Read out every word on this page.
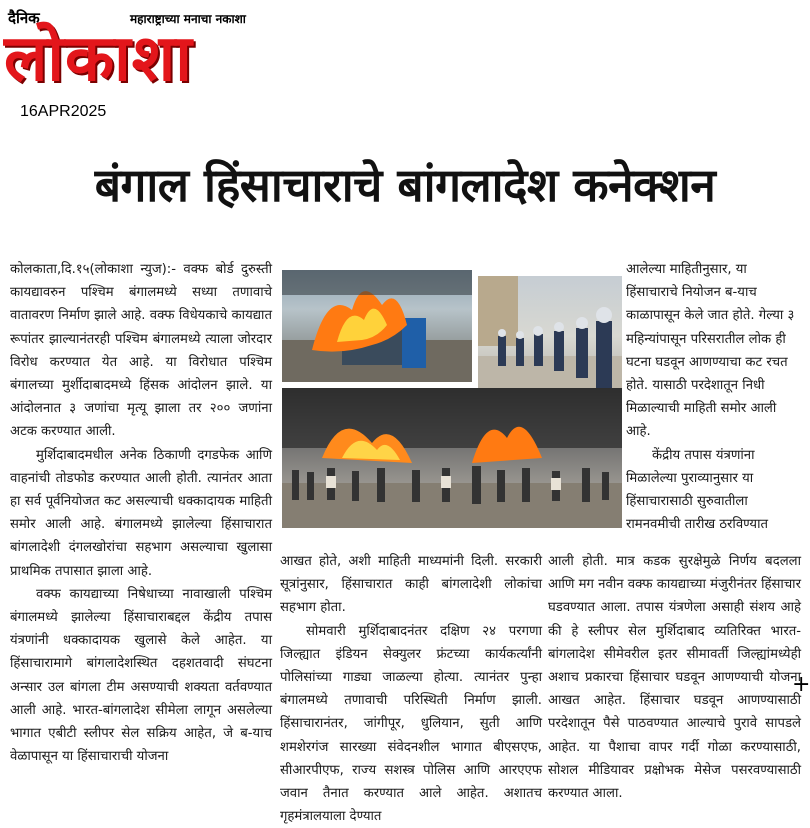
दैनिक	महाराष्ट्राच्या मनाचा नकाशा
लोकाशा
16APR2025
बंगाल हिंसाचाराचे बांगलादेश कनेक्शन

कोलकाता,दि.१५(लोकाशा न्युज):- वक्फ बोर्ड दुरुस्ती कायद्यावरुन पश्चिम बंगालमध्ये सध्या तणावाचे वातावरण निर्माण झाले आहे. वक्फ विधेयकाचे कायद्यात रूपांतर झाल्यानंतरही पश्चिम बंगालमध्ये त्याला जोरदार विरोध करण्यात येत आहे. या विरोधात पश्चिम बंगालच्या मुर्शीदाबादमध्ये हिंसक आंदोलन झाले. या आंदोलनात ३ जणांचा मृत्यू झाला तर २०० जणांना अटक करण्यात आली.

मुर्शिदाबादमधील अनेक ठिकाणी दगडफेक आणि वाहनांची तोडफोड करण्यात आली होती. त्यानंतर आता हा सर्व पूर्वनियोजत कट असल्याची धक्कादायक माहिती समोर आली आहे. बंगालमध्ये झालेल्या हिंसाचारात बांगलादेशी दंगलखोरांचा सहभाग असल्याचा खुलासा प्राथमिक तपासात झाला आहे.

वक्फ कायद्याच्या निषेधाच्या नावाखाली पश्चिम बंगालमध्ये झालेल्या हिंसाचाराबद्दल केंद्रीय तपास यंत्रणांनी धक्कादायक खुलासे केले आहेत. या हिंसाचारामागे बांगलादेशस्थित दहशतवादी संघटना अन्सार उल बांगला टीम असण्याची शक्यता वर्तवण्यात आली आहे. भारत-बांगलादेश सीमेला लागून असलेल्या भागात एबीटी स्लीपर सेल सक्रिय आहेत, जे ब-याच वेळापासून या हिंसाचाराची योजना

आलेल्या माहितीनुसार, या हिंसाचाराचे नियोजन ब-याच काळापासून केले जात होते. गेल्या ३ महिन्यांपासून परिसरातील लोक ही घटना घडवून आणण्याचा कट रचत होते. यासाठी परदेशातून निधी मिळाल्याची माहिती समोर आली आहे.

केंद्रीय तपास यंत्रणांना मिळालेल्या पुराव्यानुसार या हिंसाचारासाठी सुरुवातीला रामनवमीची तारीख ठरविण्यात

आखत होते, अशी माहिती माध्यमांनी दिली. सरकारी सूत्रांनुसार, हिंसाचारात काही बांगलादेशी लोकांचा सहभाग होता.

सोमवारी मुर्शिदाबादनंतर दक्षिण २४ परगणा जिल्ह्यात इंडियन सेक्युलर फ्रंटच्या कार्यकर्त्यांनी पोलिसांच्या गाड्या जाळल्या होत्या. त्यानंतर पुन्हा बंगालमध्ये तणावाची परिस्थिती निर्माण झाली. हिंसाचारानंतर, जांगीपूर, धुलियान, सुती आणि शमशेरगंज सारख्या संवेदनशील भागात बीएसएफ, सीआरपीएफ, राज्य सशस्त्र पोलिस आणि आरएएफ जवान तैनात करण्यात आले आहेत. अशातच गृहमंत्रालयाला देण्यात

आली होती. मात्र कडक सुरक्षेमुळे निर्णय बदलला आणि मग नवीन वक्फ कायद्याच्या मंजुरीनंतर हिंसाचार घडवण्यात आला. तपास यंत्रणेला असाही संशय आहे की हे स्लीपर सेल मुर्शिदाबाद व्यतिरिक्त भारत-बांगलादेश सीमेवरील इतर सीमावर्ती जिल्ह्यांमध्येही अशाच प्रकारचा हिंसाचार घडवून आणण्याची योजना आखत आहेत. हिंसाचार घडवून आणण्यासाठी परदेशातून पैसे पाठवण्यात आल्याचे पुरावे सापडले आहेत. या पैशाचा वापर गर्दी गोळा करण्यासाठी, सोशल मीडियावर प्रक्षोभक मेसेज पसरवण्यासाठी करण्यात आला.

+
